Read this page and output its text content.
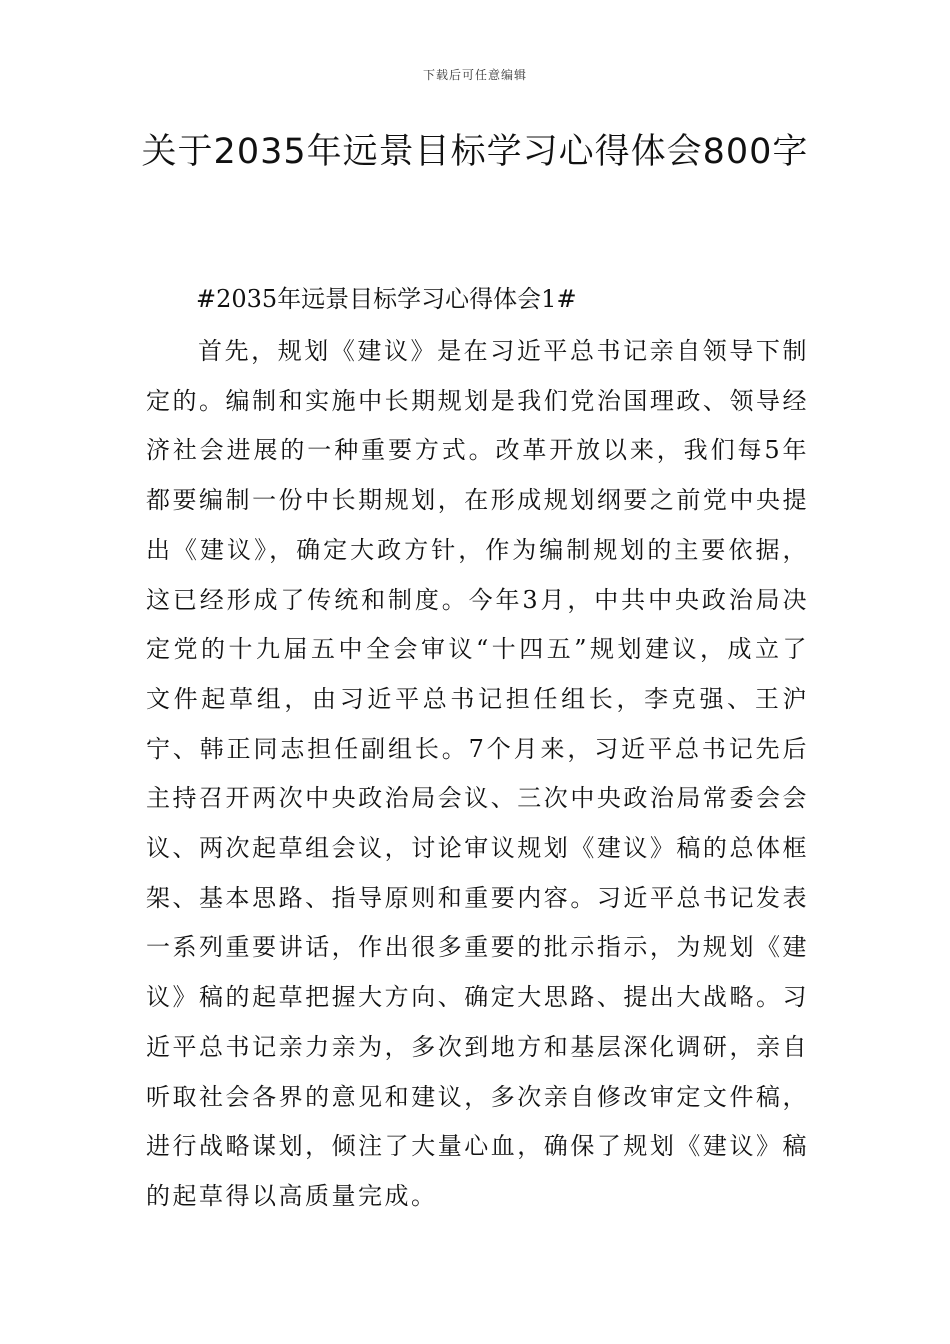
下载后可任意编辑
关于2035年远景目标学习心得体会800字
#2035年远景目标学习心得体会1#

首先，规划《建议》是在习近平总书记亲自领导下制定的。编制和实施中长期规划是我们党治国理政、领导经济社会进展的一种重要方式。改革开放以来，我们每5年都要编制一份中长期规划，在形成规划纲要之前党中央提出《建议》，确定大政方针，作为编制规划的主要依据，这已经形成了传统和制度。今年3月，中共中央政治局决定党的十九届五中全会审议“十四五”规划建议，成立了文件起草组，由习近平总书记担任组长，李克强、王沪宁、韩正同志担任副组长。7个月来，习近平总书记先后主持召开两次中央政治局会议、三次中央政治局常委会会议、两次起草组会议，讨论审议规划《建议》稿的总体框架、基本思路、指导原则和重要内容。习近平总书记发表一系列重要讲话，作出很多重要的批示指示，为规划《建议》稿的起草把握大方向、确定大思路、提出大战略。习近平总书记亲力亲为，多次到地方和基层深化调研，亲自听取社会各界的意见和建议，多次亲自修改审定文件稿，进行战略谋划，倾注了大量心血，确保了规划《建议》稿的起草得以高质量完成。
